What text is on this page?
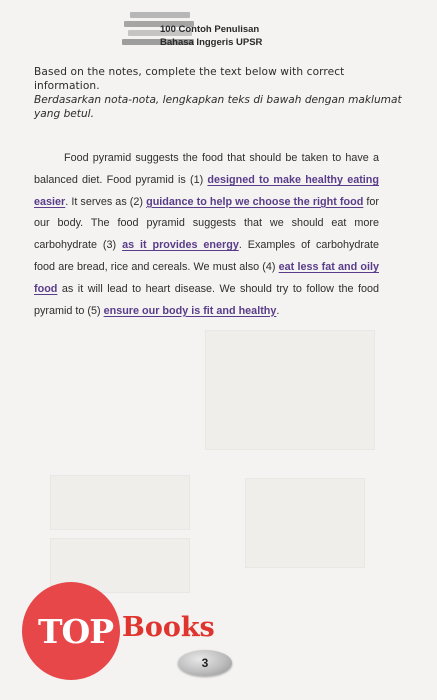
100 Contoh Penulisan
Bahasa Inggeris UPSR
Based on the notes, complete the text below with correct information.
Berdasarkan nota-nota, lengkapkan teks di bawah dengan maklumat yang betul.
Food pyramid suggests the food that should be taken to have a balanced diet. Food pyramid is (1) designed to make healthy eating easier. It serves as (2) guidance to help we choose the right food for our body. The food pyramid suggests that we should eat more carbohydrate (3) as it provides energy. Examples of carbohydrate food are bread, rice and cereals. We must also (4) eat less fat and oily food as it will lead to heart disease. We should try to follow the food pyramid to (5) ensure our body is fit and healthy.
TOP Books
3
